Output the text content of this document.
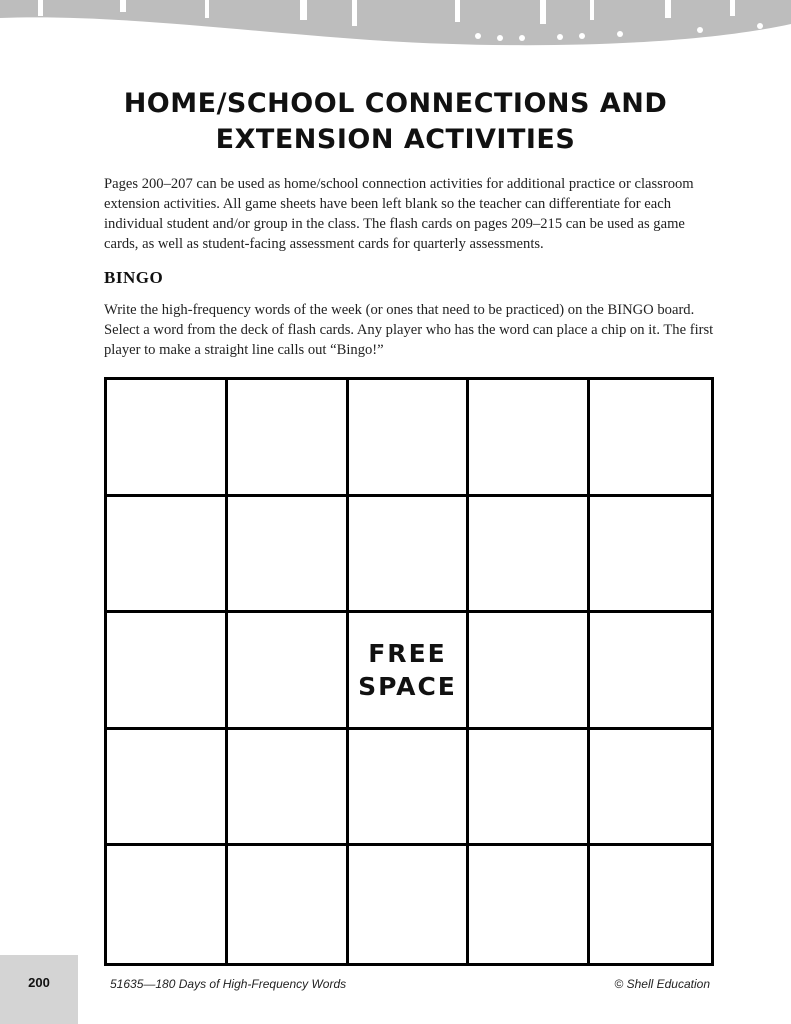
HOME/SCHOOL CONNECTIONS AND
EXTENSION ACTIVITIES

Pages 200–207 can be used as home/school connection activities for additional practice or classroom extension activities. All game sheets have been left blank so the teacher can differentiate for each individual student and/or group in the class. The flash cards on pages 209–215 can be used as game cards, as well as student-facing assessment cards for quarterly assessments.

BINGO

Write the high-frequency words of the week (or ones that need to be practiced) on the BINGO board. Select a word from the deck of flash cards. Any player who has the word can place a chip on it. The first player to make a straight line calls out “Bingo!”

FREE
SPACE
200	51635—180 Days of High-Frequency Words	© Shell Education
